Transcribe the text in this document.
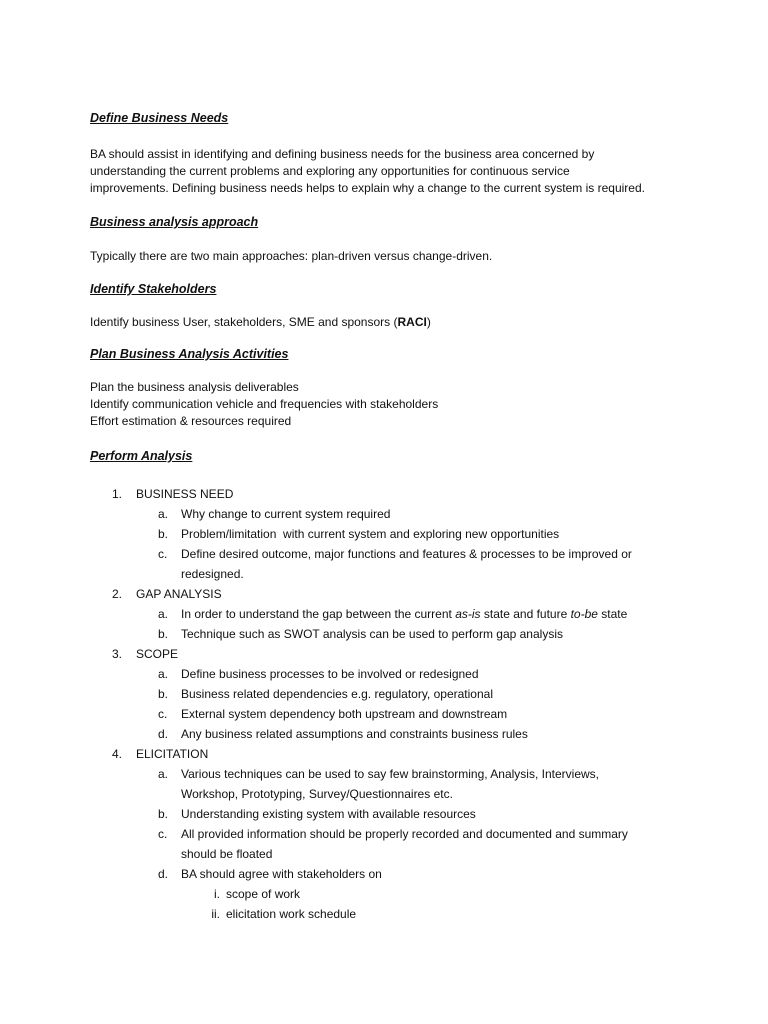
Define Business Needs

BA should assist in identifying and defining business needs for the business area concerned by
understanding the current problems and exploring any opportunities for continuous service
improvements. Defining business needs helps to explain why a change to the current system is required.

Business analysis approach

Typically there are two main approaches: plan-driven versus change-driven.

Identify Stakeholders

Identify business User, stakeholders, SME and sponsors (RACI)

Plan Business Analysis Activities

Plan the business analysis deliverables
Identify communication vehicle and frequencies with stakeholders
Effort estimation & resources required

Perform Analysis
1.	BUSINESS NEED
a.	Why change to current system required
b.	Problem/limitation  with current system and exploring new opportunities
c.	Define desired outcome, major functions and features & processes to be improved or
redesigned.
2.	GAP ANALYSIS
a.	In order to understand the gap between the current as-is state and future to-be state
b.	Technique such as SWOT analysis can be used to perform gap analysis
3.	SCOPE
a.	Define business processes to be involved or redesigned
b.	Business related dependencies e.g. regulatory, operational
c.	External system dependency both upstream and downstream
d.	Any business related assumptions and constraints business rules
4.	ELICITATION
a.	Various techniques can be used to say few brainstorming, Analysis, Interviews,
Workshop, Prototyping, Survey/Questionnaires etc.
b.	Understanding existing system with available resources
c.	All provided information should be properly recorded and documented and summary
should be floated
d.	BA should agree with stakeholders on
i. scope of work
ii. elicitation work schedule
